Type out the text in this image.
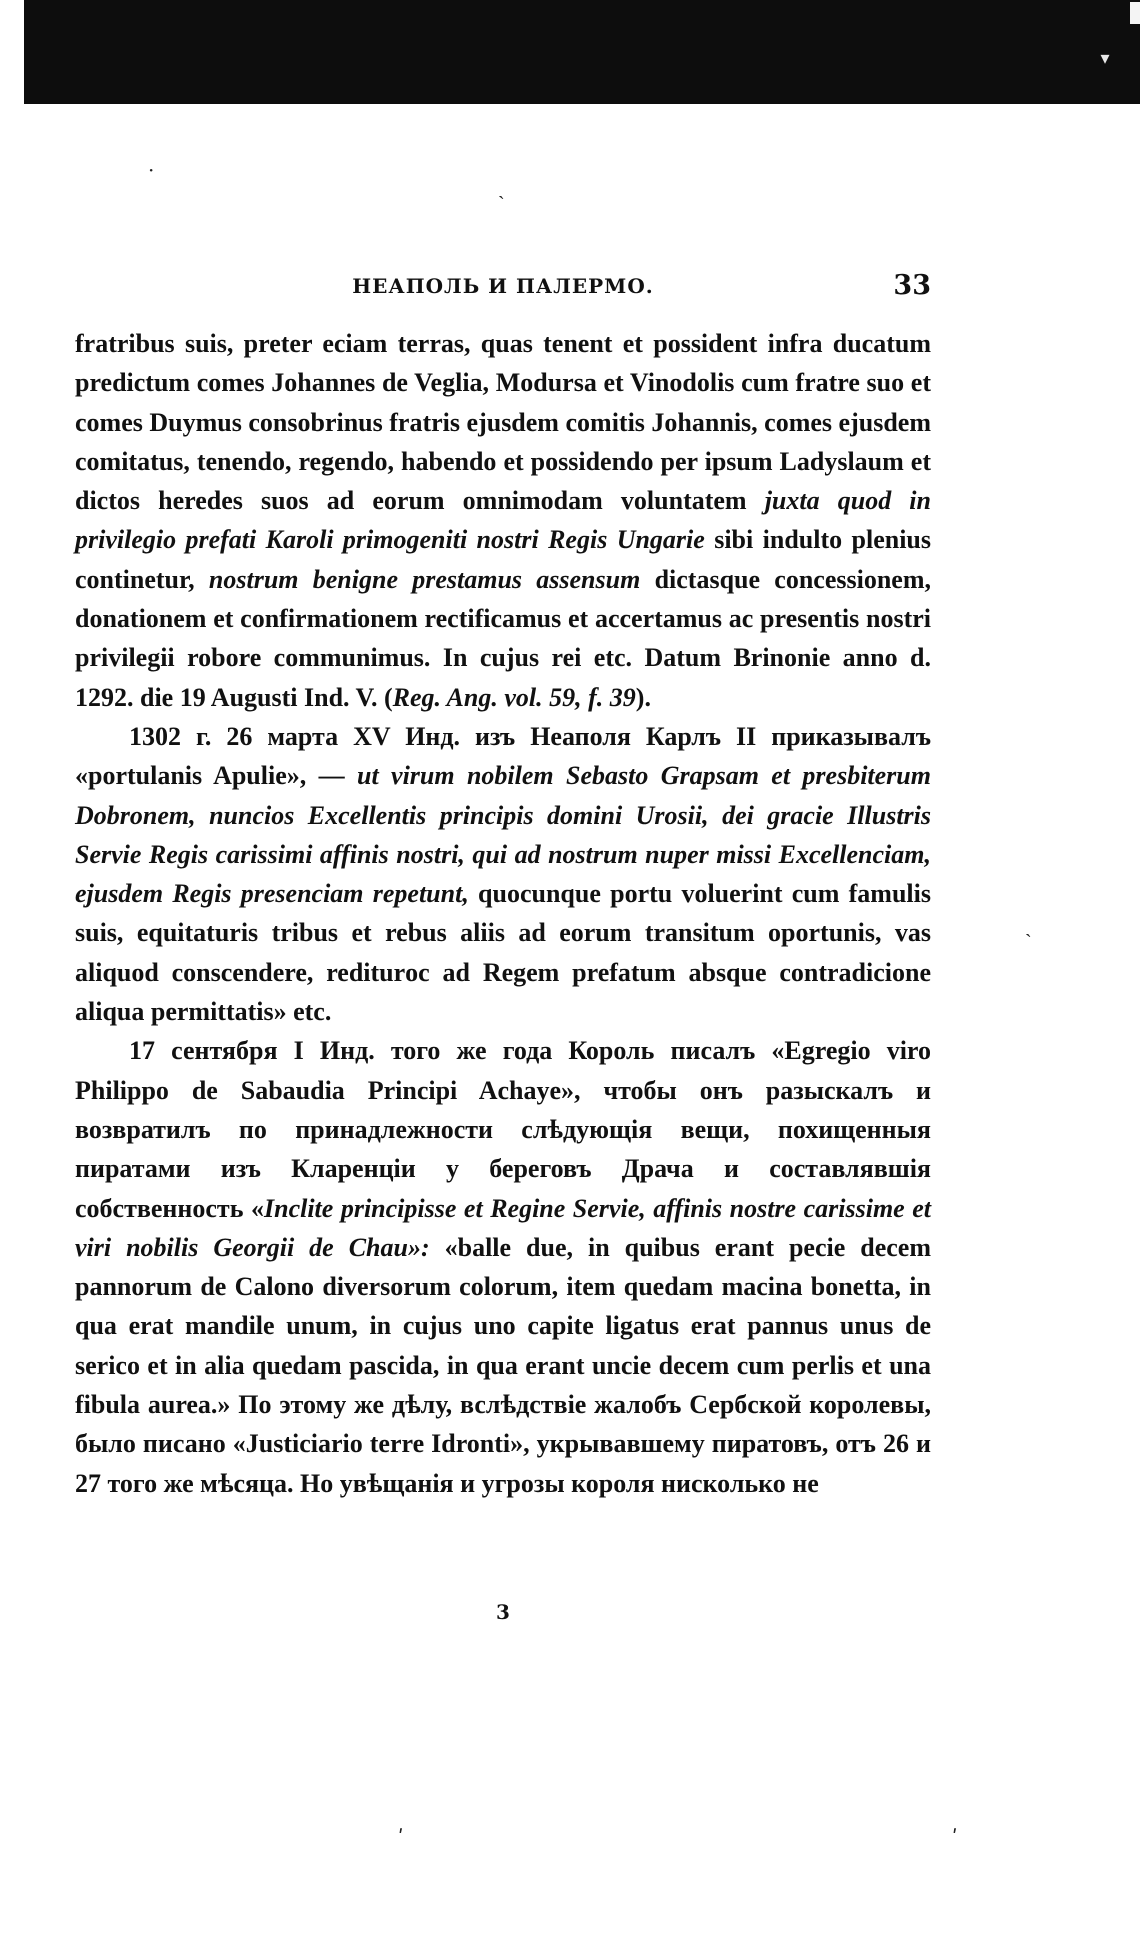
▾
НЕАПОЛЬ И ПАЛЕРМО.	33

fratribus suis, preter eciam terras, quas tenent et possident infra ducatum predictum comes Johannes de Veglia, Modursa et Vinodolis cum fratre suo et comes Duymus consobrinus fratris ejusdem comitis Johannis, comes ejusdem comitatus, tenendo, regendo, habendo et possidendo per ipsum Ladyslaum et dictos heredes suos ad eorum omnimodam voluntatem juxta quod in privilegio prefati Karoli primogeniti nostri Regis Ungarie sibi indulto plenius continetur, nostrum benigne prestamus assensum dictasque concessionem, donationem et confirmationem rectificamus et accertamus ac presentis nostri privilegii robore communimus. In cujus rei etc. Datum Brinonie anno d. 1292. die 19 Augusti Ind. V. (Reg. Ang. vol. 59, f. 39).

1302 г. 26 марта XV Инд. изъ Неаполя Карлъ II приказывалъ «portulanis Apulie», — ut virum nobilem Sebasto Grapsam et presbiterum Dobronem, nuncios Excellentis principis domini Urosii, dei gracie Illustris Servie Regis carissimi affinis nostri, qui ad nostrum nuper missi Excellenciam, ejusdem Regis presenciam repetunt, quocunque portu voluerint cum famulis suis, equitaturis tribus et rebus aliis ad eorum transitum oportunis, vas aliquod conscendere, rediturос ad Regem prefatum absque contradicione aliqua permittatis» etc.

17 сентября I Инд. того же года Король писалъ «Egregio viro Philippo de Sabaudia Principi Achaye», чтобы онъ разыскалъ и возвратилъ по принадлежности слѣдующія вещи, похищенныя пиратами изъ Кларенціи у береговъ Драча и составлявшія собственность «Inclite principisse et Regine Servie, affinis nostre carissime et viri nobilis Georgii de Chau»: «balle due, in quibus erant pecie decem pannorum de Calono diversorum colorum, item quedam macina bonetta, in qua erat mandile unum, in cujus uno capite ligatus erat pannus unus de serico et in alia quedam pascida, in qua erant uncie decem cum perlis et una fibula aurea.» По этому же дѣлу, вслѣдствіе жалобъ Сербской королевы, было писано «Justiciario terre Idronti», укрывавшему пиратовъ, отъ 26 и 27 того же мѣсяца. Но увѣщанія и угрозы короля нисколько не

3
·
˴
˴
ʹ	ʹ
